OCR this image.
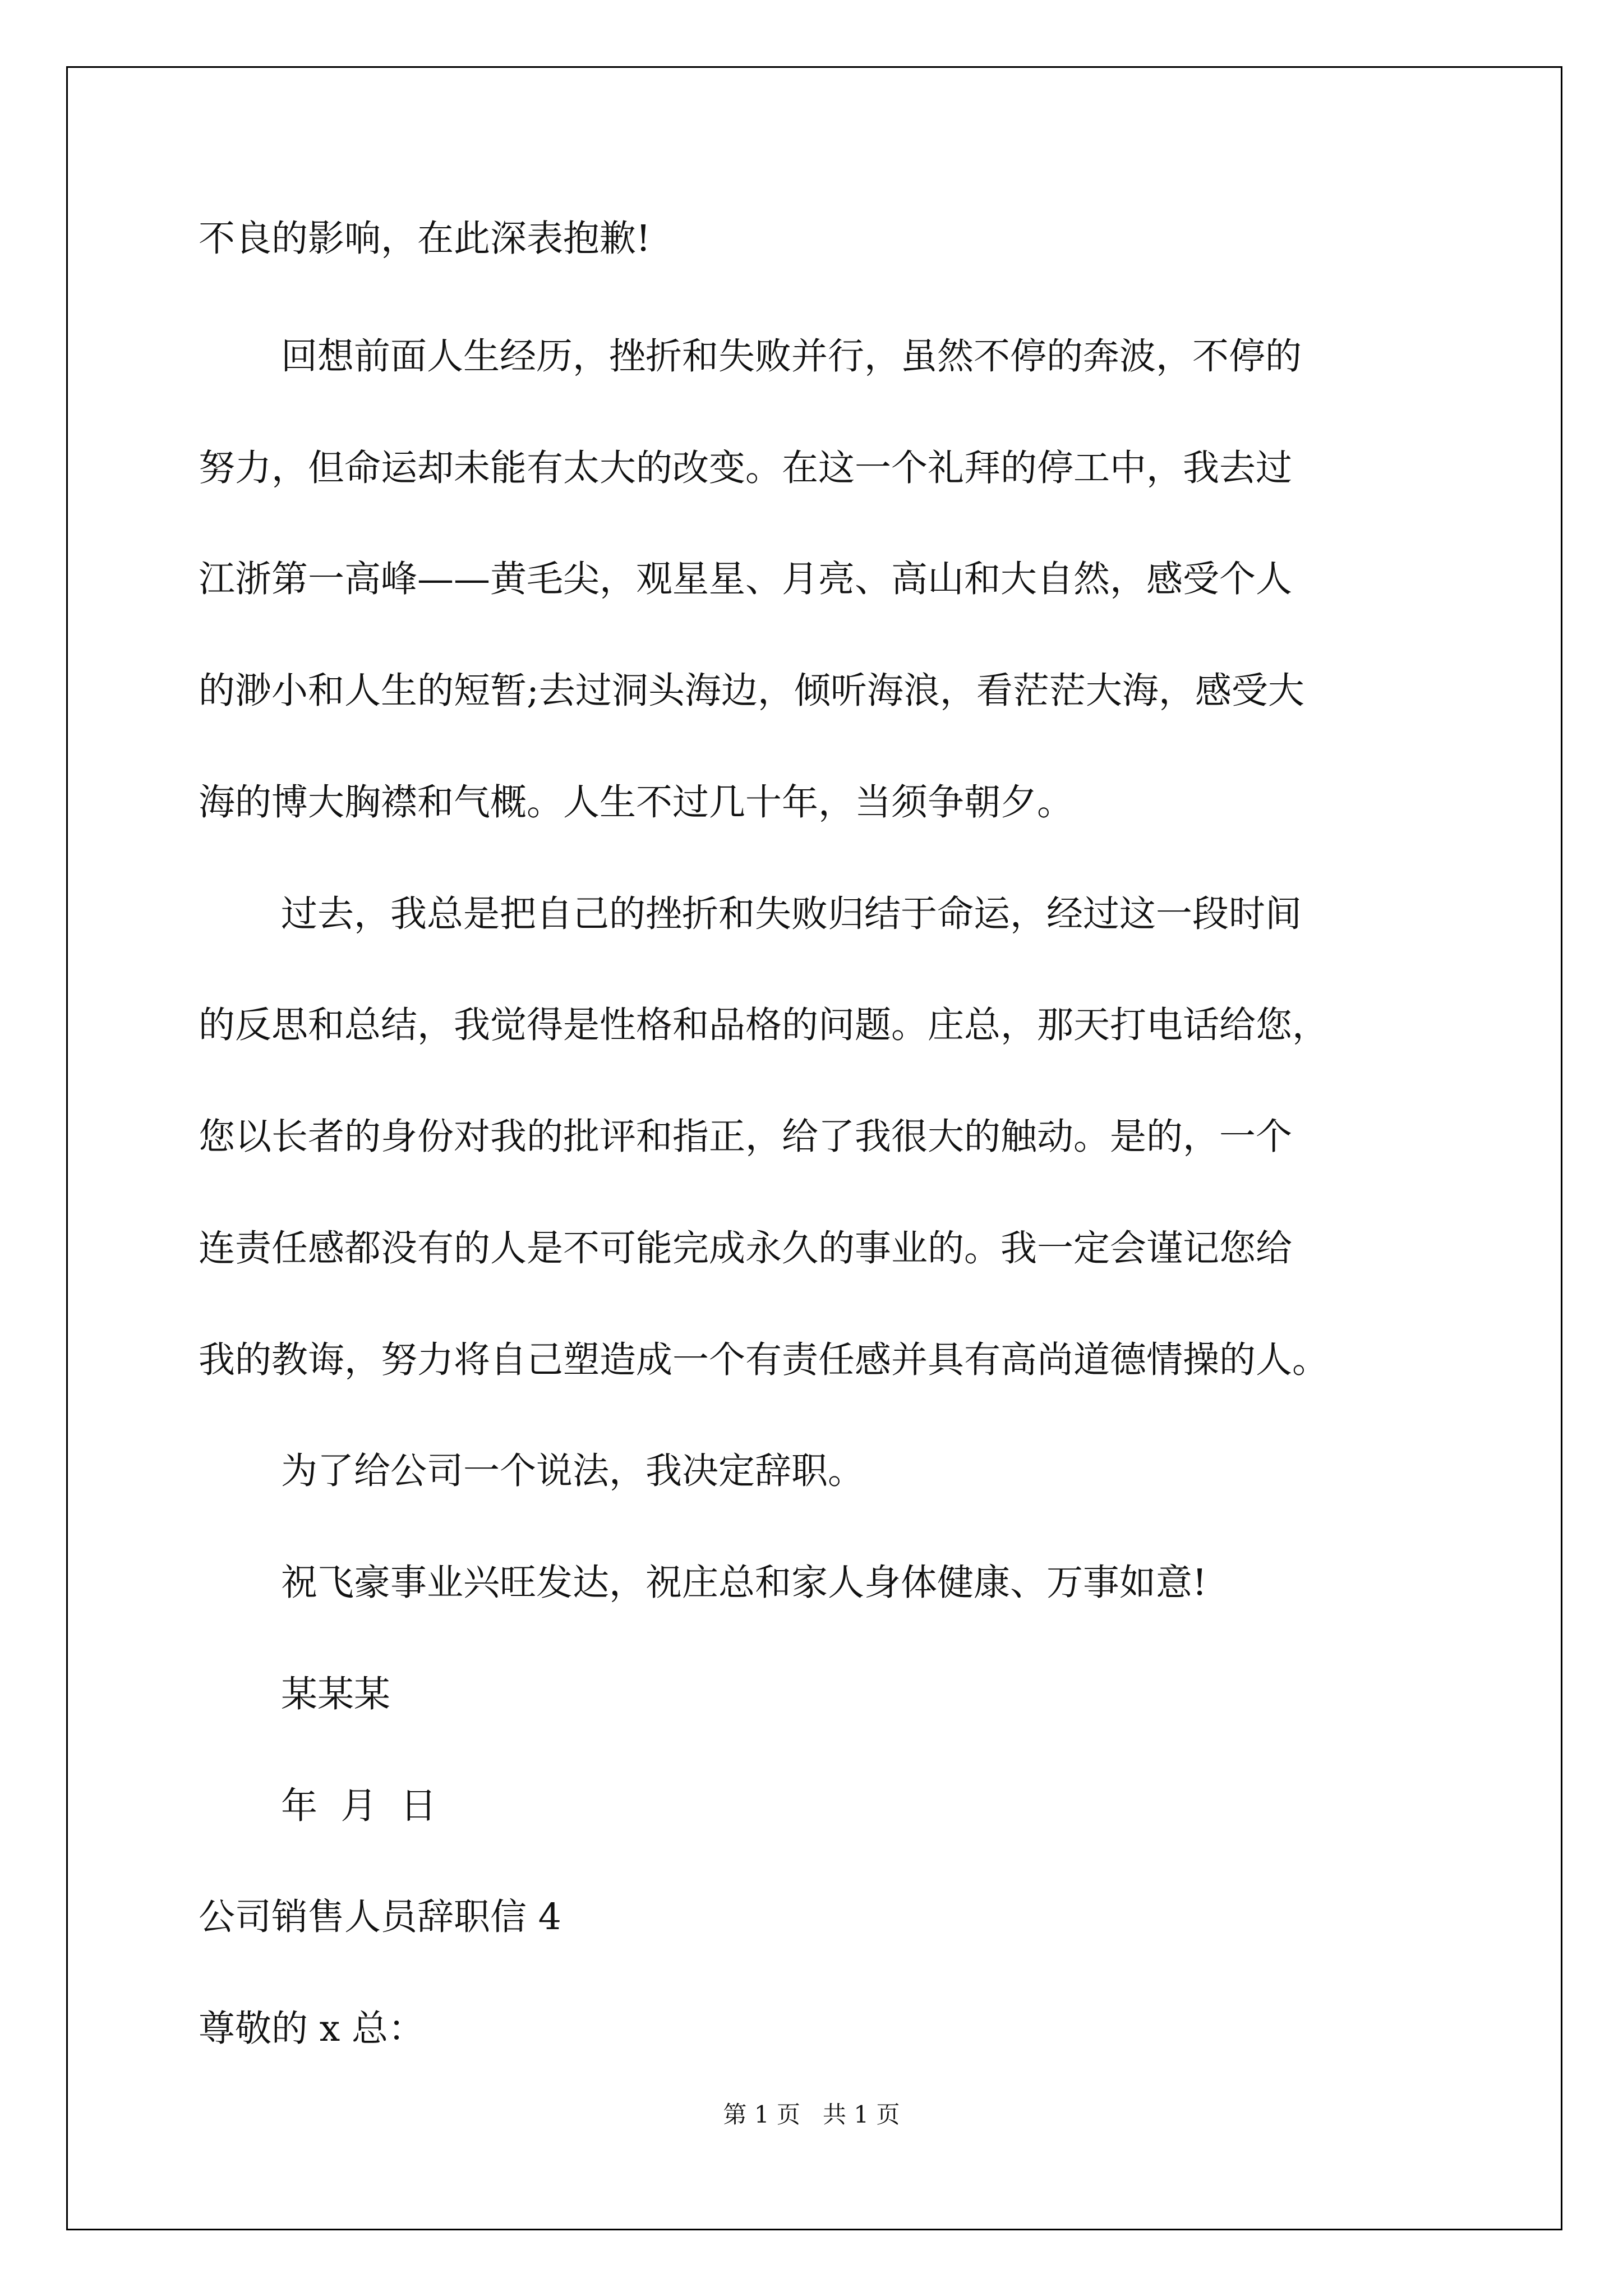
不良的影响，在此深表抱歉!

回想前面人生经历，挫折和失败并行，虽然不停的奔波，不停的

努力，但命运却未能有太大的改变。在这一个礼拜的停工中，我去过

江浙第一高峰——黄毛尖，观星星、月亮、高山和大自然，感受个人

的渺小和人生的短暂;去过洞头海边，倾听海浪，看茫茫大海，感受大

海的博大胸襟和气概。人生不过几十年，当须争朝夕。

过去，我总是把自己的挫折和失败归结于命运，经过这一段时间

的反思和总结，我觉得是性格和品格的问题。庄总，那天打电话给您，

您以长者的身份对我的批评和指正，给了我很大的触动。是的，一个

连责任感都没有的人是不可能完成永久的事业的。我一定会谨记您给

我的教诲，努力将自己塑造成一个有责任感并具有高尚道德情操的人。

为了给公司一个说法，我决定辞职。

祝飞豪事业兴旺发达，祝庄总和家人身体健康、万事如意!

某某某

年  月  日

公司销售人员辞职信 4

尊敬的 x 总：

第 1 页   共 1 页
